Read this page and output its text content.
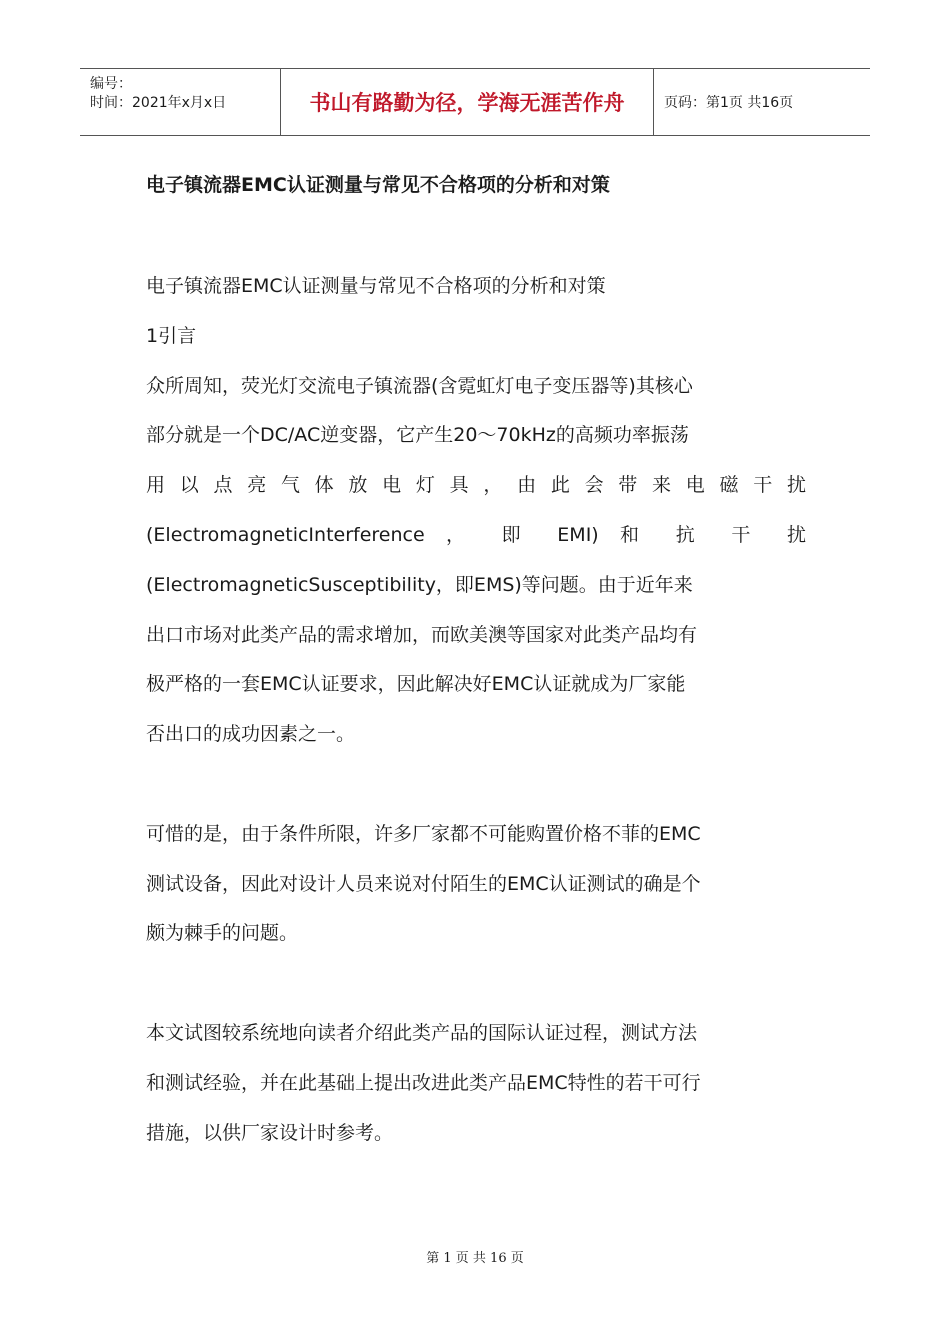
编号：
时间：2021年x月x日	书山有路勤为径，学海无涯苦作舟	页码：第1页 共16页
电子镇流器EMC认证测量与常见不合格项的分析和对策

电子镇流器EMC认证测量与常见不合格项的分析和对策

1引言

众所周知，荧光灯交流电子镇流器(含霓虹灯电子变压器等)其核心

部分就是一个DC/AC逆变器，它产生20～70kHz的高频功率振荡

用以点亮气体放电灯具，由此会带来电磁干扰

(ElectromagneticInterference ， 即 EMI) 和 抗 干 扰

(ElectromagneticSusceptibility，即EMS)等问题。由于近年来

出口市场对此类产品的需求增加，而欧美澳等国家对此类产品均有

极严格的一套EMC认证要求，因此解决好EMC认证就成为厂家能

否出口的成功因素之一。

可惜的是，由于条件所限，许多厂家都不可能购置价格不菲的EMC

测试设备，因此对设计人员来说对付陌生的EMC认证测试的确是个

颇为棘手的问题。

本文试图较系统地向读者介绍此类产品的国际认证过程，测试方法

和测试经验，并在此基础上提出改进此类产品EMC特性的若干可行

措施，以供厂家设计时参考。

第 1 页 共 16 页
